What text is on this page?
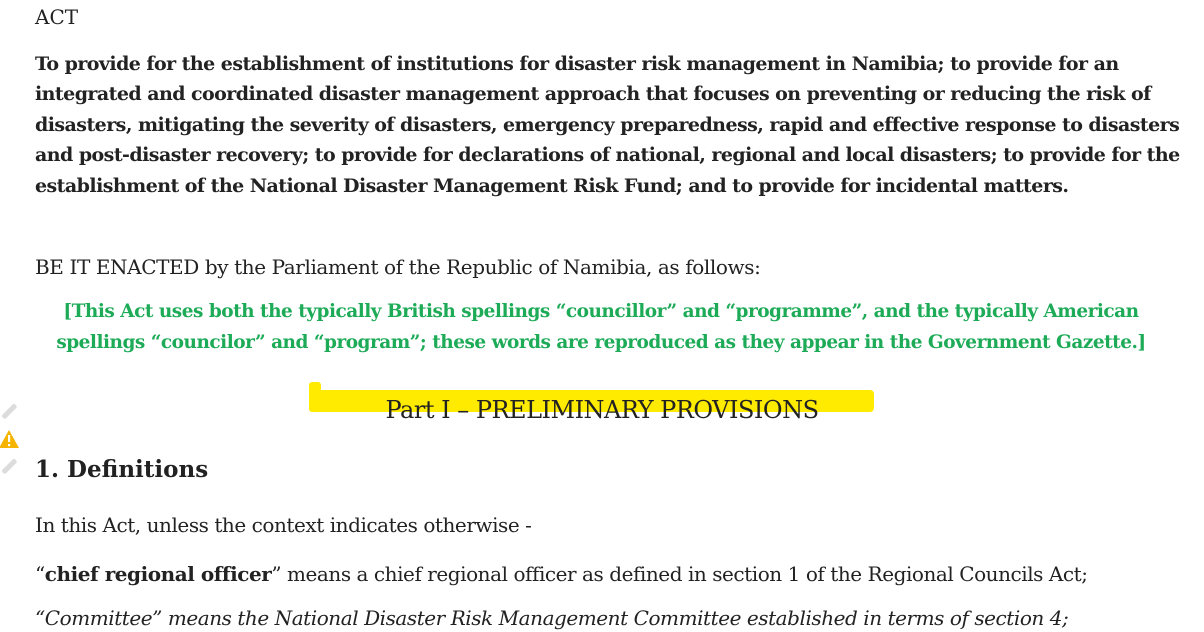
ACT

To provide for the establishment of institutions for disaster risk management in Namibia; to provide for an integrated and coordinated disaster management approach that focuses on preventing or reducing the risk of disasters, mitigating the severity of disasters, emergency preparedness, rapid and effective response to disasters and post-disaster recovery; to provide for declarations of national, regional and local disasters; to provide for the establishment of the National Disaster Management Risk Fund; and to provide for incidental matters.

BE IT ENACTED by the Parliament of the Republic of Namibia, as follows:

[This Act uses both the typically British spellings “councillor” and “programme”, and the typically American spellings “councilor” and “program”; these words are reproduced as they appear in the Government Gazette.]

Part I – PRELIMINARY PROVISIONS
1. Definitions

In this Act, unless the context indicates otherwise -

“chief regional officer” means a chief regional officer as defined in section 1 of the Regional Councils Act;

“Committee” means the National Disaster Risk Management Committee established in terms of section 4;
